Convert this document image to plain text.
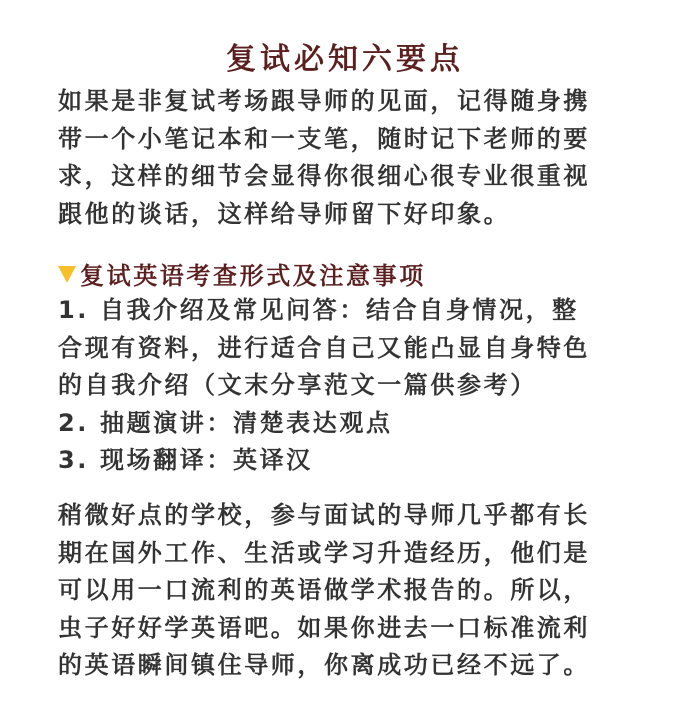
复试必知六要点
如果是非复试考场跟导师的见面，记得随身携
带一个小笔记本和一支笔，随时记下老师的要
求，这样的细节会显得你很细心很专业很重视
跟他的谈话，这样给导师留下好印象。
复试英语考查形式及注意事项
1. 自我介绍及常见问答：结合自身情况，整
合现有资料，进行适合自己又能凸显自身特色
的自我介绍（文末分享范文一篇供参考）
2. 抽题演讲：清楚表达观点
3. 现场翻译：英译汉
稍微好点的学校，参与面试的导师几乎都有长
期在国外工作、生活或学习升造经历，他们是
可以用一口流利的英语做学术报告的。所以，
虫子好好学英语吧。如果你进去一口标准流利
的英语瞬间镇住导师，你离成功已经不远了。
